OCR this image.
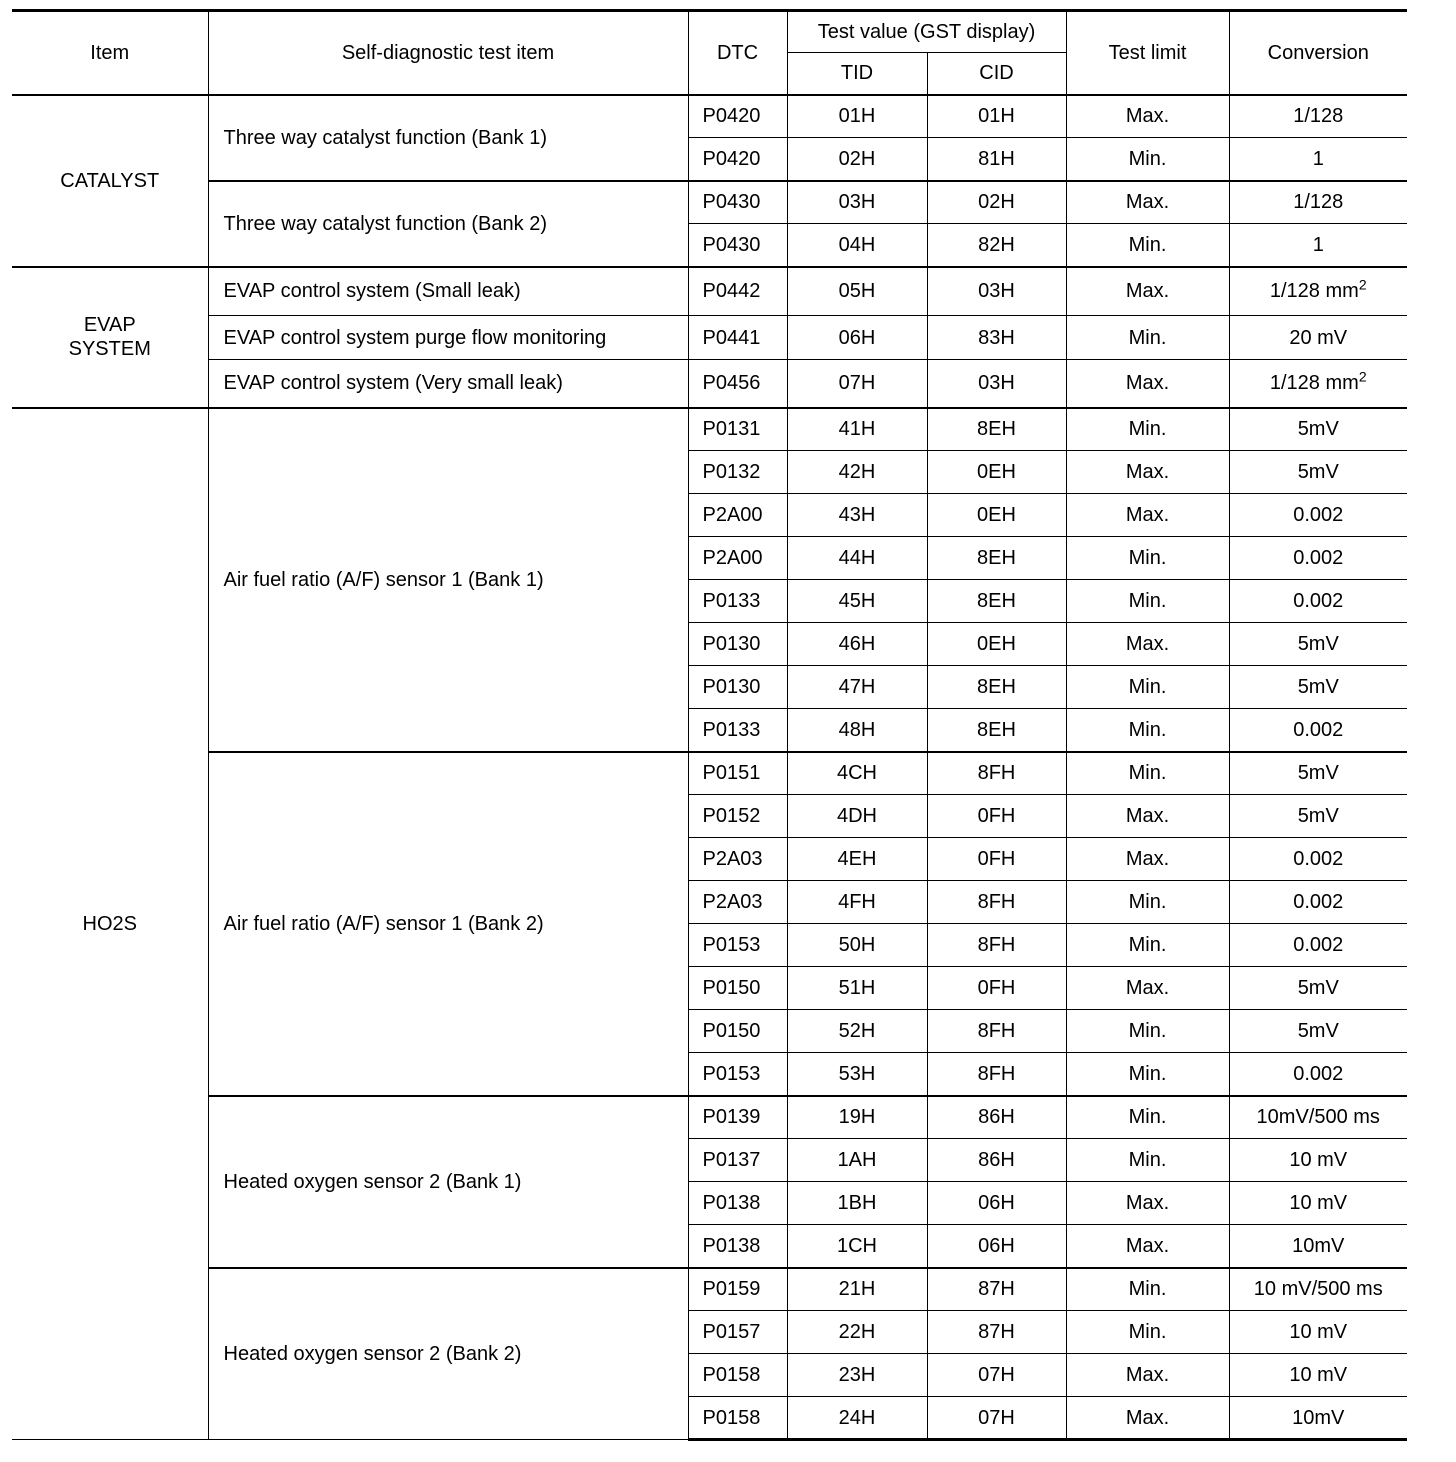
Item	Self-diagnostic test item	DTC	Test value (GST display)		Test limit	Conversion
			TID	CID		
CATALYST	Three way catalyst function (Bank 1)	P0420	01H	01H	Max.	1/128
		P0420	02H	81H	Min.	1
	Three way catalyst function (Bank 2)	P0430	03H	02H	Max.	1/128
		P0430	04H	82H	Min.	1
EVAP SYSTEM	EVAP control system (Small leak)	P0442	05H	03H	Max.	1/128 $mm^2$
	EVAP control system purge flow monitoring	P0441	06H	83H	Min.	20 mV
	EVAP control system (Very small leak)	P0456	07H	03H	Max.	1/128 $mm^2$
HO2S	Air fuel ratio (A/F) sensor 1 (Bank 1)	P0131	41H	8EH	Min.	5mV
		P0132	42H	0EH	Max.	5mV
		P2A00	43H	0EH	Max.	0.002
		P2A00	44H	8EH	Min.	0.002
		P0133	45H	8EH	Min.	0.002
		P0130	46H	0EH	Max.	5mV
		P0130	47H	8EH	Min.	5mV
		P0133	48H	8EH	Min.	0.002
	Air fuel ratio (A/F) sensor 1 (Bank 2)	P0151	4CH	8FH	Min.	5mV
		P0152	4DH	0FH	Max.	5mV
		P2A03	4EH	0FH	Max.	0.002
		P2A03	4FH	8FH	Min.	0.002
		P0153	50H	8FH	Min.	0.002
		P0150	51H	0FH	Max.	5mV
		P0150	52H	8FH	Min.	5mV
		P0153	53H	8FH	Min.	0.002
	Heated oxygen sensor 2 (Bank 1)	P0139	19H	86H	Min.	10mV/500 ms
		P0137	1AH	86H	Min.	10 mV
		P0138	1BH	06H	Max.	10 mV
		P0138	1CH	06H	Max.	10mV
	Heated oxygen sensor 2 (Bank 2)	P0159	21H	87H	Min.	10 mV/500 ms
		P0157	22H	87H	Min.	10 mV
		P0158	23H	07H	Max.	10 mV
		P0158	24H	07H	Max.	10mV
